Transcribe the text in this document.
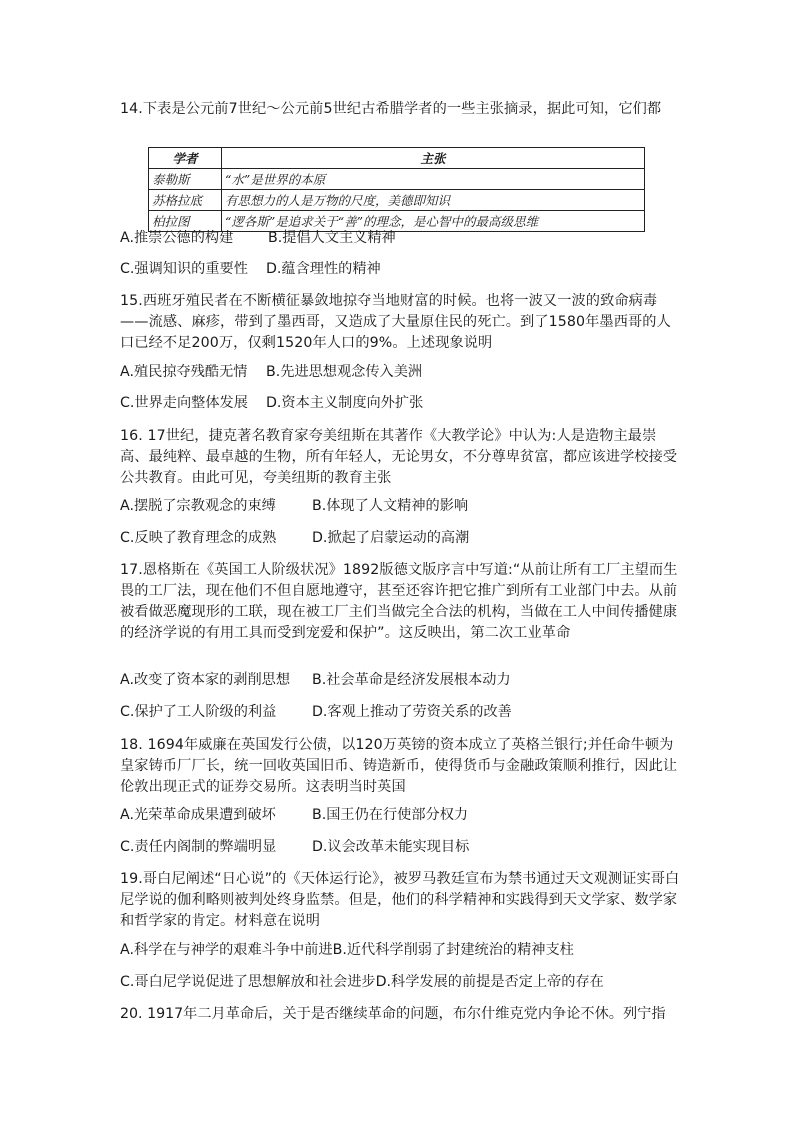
14.下表是公元前7世纪～公元前5世纪古希腊学者的一些主张摘录，据此可知，它们都
学者	主张
泰勒斯	“水”是世界的本原
苏格拉底	有思想力的人是万物的尺度，美德即知识
柏拉图	“逻各斯”是追求关于“善”的理念，是心智中的最高级思维
A.推崇公德的构建 B.提倡人文主义精神
C.强调知识的重要性 D.蕴含理性的精神
15.西班牙殖民者在不断横征暴敛地掠夺当地财富的时候。也将一波又一波的致命病毒——流感、麻疹，带到了墨西哥，又造成了大量原住民的死亡。到了1580年墨西哥的人口已经不足200万，仅剩1520年人口的9%。上述现象说明
A.殖民掠夺残酷无情 B.先进思想观念传入美洲
C.世界走向整体发展 D.资本主义制度向外扩张
16. 17世纪，捷克著名教育家夸美纽斯在其著作《大教学论》中认为:人是造物主最崇高、最纯粹、最卓越的生物，所有年轻人，无论男女，不分尊卑贫富，都应该进学校接受公共教育。由此可见，夸美纽斯的教育主张
A.摆脱了宗教观念的束缚	B.体现了人文精神的影响
C.反映了教育理念的成熟	D.掀起了启蒙运动的高潮
17.恩格斯在《英国工人阶级状况》1892版德文版序言中写道:“从前让所有工厂主望而生畏的工厂法，现在他们不但自愿地遵守，甚至还容许把它推广到所有工业部门中去。从前被看做恶魔现形的工联，现在被工厂主们当做完全合法的机构，当做在工人中间传播健康的经济学说的有用工具而受到宠爱和保护”。这反映出，第二次工业革命
A.改变了资本家的剥削思想 B.社会革命是经济发展根本动力
C.保护了工人阶级的利益	D.客观上推动了劳资关系的改善
18. 1694年威廉在英国发行公债，以120万英镑的资本成立了英格兰银行;并任命牛顿为皇家铸币厂厂长，统一回收英国旧币、铸造新币，使得货币与金融政策顺利推行，因此让伦敦出现正式的证券交易所。这表明当时英国
A.光荣革命成果遭到破坏	B.国王仍在行使部分权力
C.责任内阁制的弊端明显	D.议会改革未能实现目标
19.哥白尼阐述“日心说”的《天体运行论》，被罗马教廷宣布为禁书通过天文观测证实哥白尼学说的伽利略则被判处终身监禁。但是，他们的科学精神和实践得到天文学家、数学家和哲学家的肯定。材料意在说明
A.科学在与神学的艰难斗争中前进B.近代科学削弱了封建统治的精神支柱
C.哥白尼学说促进了思想解放和社会进步D.科学发展的前提是否定上帝的存在
20. 1917年二月革命后，关于是否继续革命的问题，布尔什维克党内争论不休。列宁指
